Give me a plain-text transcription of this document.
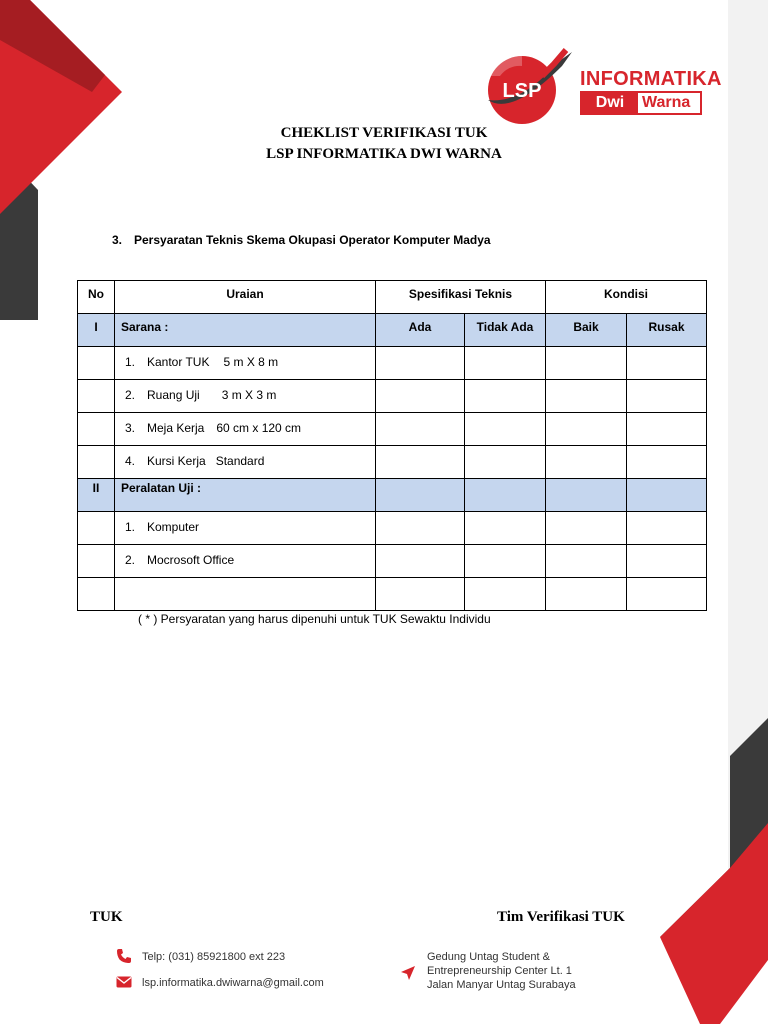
LSP
INFORMATIKA
Dwi	Warna
CHEKLIST VERIFIKASI TUK
LSP INFORMATIKA DWI WARNA
3. Persyaratan Teknis Skema Okupasi Operator Komputer Madya
No	Uraian	Spesifikasi Teknis		Kondisi	
I	Sarana :	Ada	Tidak Ada	Baik	Rusak
	1. Kantor TUK 5 m X 8 m				
	2. Ruang Uji 3 m X 3 m				
	3. Meja Kerja 60 cm x 120 cm				
	4. Kursi Kerja Standard				
II	Peralatan Uji :				
	1. Komputer				
	2. Mocrosoft Office				

( * ) Persyaratan yang harus dipenuhi untuk TUK Sewaktu Individu
TUK	Tim Verifikasi TUK
Telp: (031) 85921800 ext 223
lsp.informatika.dwiwarna@gmail.com
Gedung Untag Student &
Entrepreneurship Center Lt. 1
Jalan Manyar Untag Surabaya
